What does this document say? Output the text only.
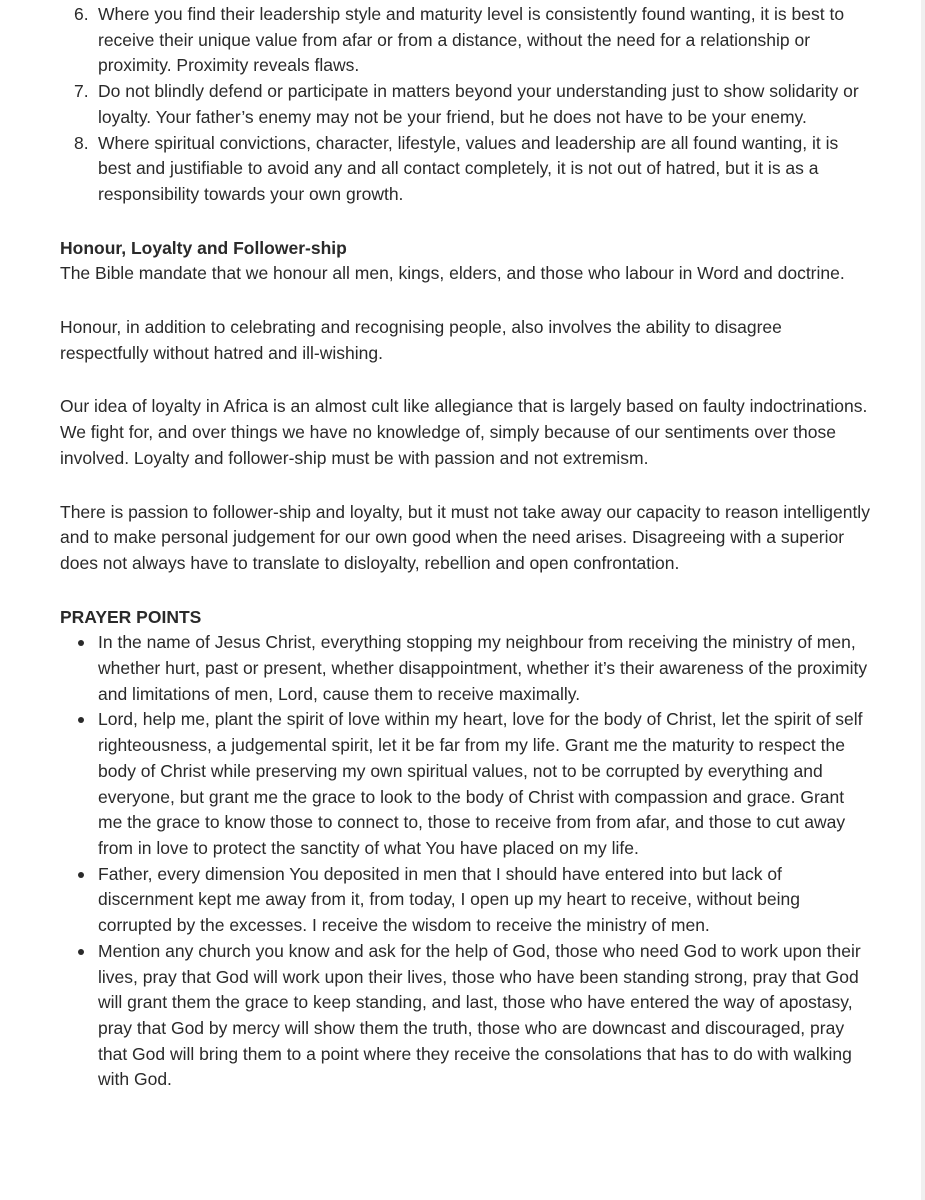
6. Where you find their leadership style and maturity level is consistently found wanting, it is best to receive their unique value from afar or from a distance, without the need for a relationship or proximity. Proximity reveals flaws.
7. Do not blindly defend or participate in matters beyond your understanding just to show solidarity or loyalty. Your father’s enemy may not be your friend, but he does not have to be your enemy.
8. Where spiritual convictions, character, lifestyle, values and leadership are all found wanting, it is best and justifiable to avoid any and all contact completely, it is not out of hatred, but it is as a responsibility towards your own growth.
Honour, Loyalty and Follower-ship

The Bible mandate that we honour all men, kings, elders, and those who labour in Word and doctrine.

Honour, in addition to celebrating and recognising people, also involves the ability to disagree respectfully without hatred and ill-wishing.

Our idea of loyalty in Africa is an almost cult like allegiance that is largely based on faulty indoctrinations. We fight for, and over things we have no knowledge of, simply because of our sentiments over those involved. Loyalty and follower-ship must be with passion and not extremism.

There is passion to follower-ship and loyalty, but it must not take away our capacity to reason intelligently and to make personal judgement for our own good when the need arises. Disagreeing with a superior does not always have to translate to disloyalty, rebellion and open confrontation.

PRAYER POINTS
In the name of Jesus Christ, everything stopping my neighbour from receiving the ministry of men, whether hurt, past or present, whether disappointment, whether it’s their awareness of the proximity and limitations of men, Lord, cause them to receive maximally.
Lord, help me, plant the spirit of love within my heart, love for the body of Christ, let the spirit of self righteousness, a judgemental spirit, let it be far from my life. Grant me the maturity to respect the body of Christ while preserving my own spiritual values, not to be corrupted by everything and everyone, but grant me the grace to look to the body of Christ with compassion and grace. Grant me the grace to know those to connect to, those to receive from from afar, and those to cut away from in love to protect the sanctity of what You have placed on my life.
Father, every dimension You deposited in men that I should have entered into but lack of discernment kept me away from it, from today, I open up my heart to receive, without being corrupted by the excesses. I receive the wisdom to receive the ministry of men.
Mention any church you know and ask for the help of God, those who need God to work upon their lives, pray that God will work upon their lives, those who have been standing strong, pray that God will grant them the grace to keep standing, and last, those who have entered the way of apostasy, pray that God by mercy will show them the truth, those who are downcast and discouraged, pray that God will bring them to a point where they receive the consolations that has to do with walking with God.
